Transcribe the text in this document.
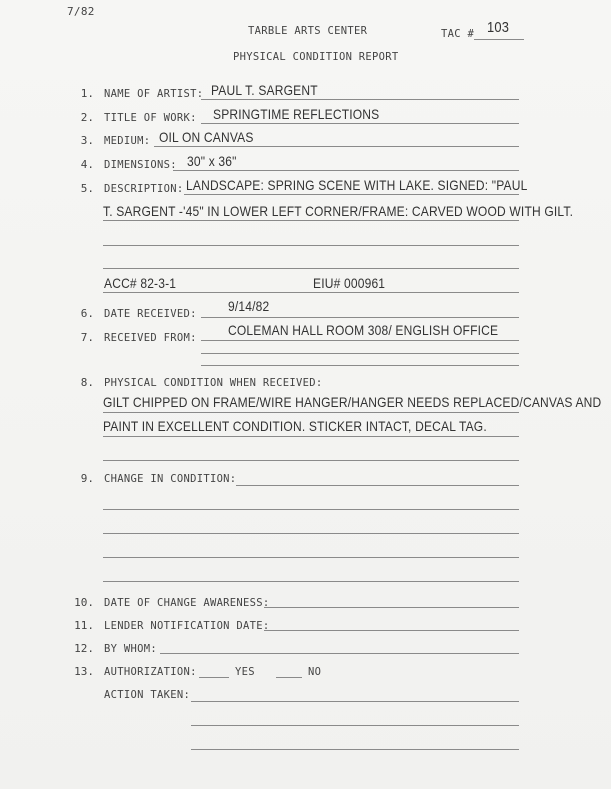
7/82
TARBLE ARTS CENTER	TAC # 103
PHYSICAL CONDITION REPORT
1. NAME OF ARTIST: PAUL T. SARGENT
2. TITLE OF WORK: SPRINGTIME REFLECTIONS
3. MEDIUM: OIL ON CANVAS
4. DIMENSIONS: 30" x 36"
5. DESCRIPTION: LANDSCAPE: SPRING SCENE WITH LAKE. SIGNED: "PAUL
T. SARGENT -'45" IN LOWER LEFT CORNER/FRAME: CARVED WOOD WITH GILT.
ACC# 82-3-1	EIU# 000961
6. DATE RECEIVED: 9/14/82
7. RECEIVED FROM: COLEMAN HALL ROOM 308/ ENGLISH OFFICE
8. PHYSICAL CONDITION WHEN RECEIVED:
GILT CHIPPED ON FRAME/WIRE HANGER/HANGER NEEDS REPLACED/CANVAS AND
PAINT IN EXCELLENT CONDITION. STICKER INTACT, DECAL TAG.
9. CHANGE IN CONDITION:
10. DATE OF CHANGE AWARENESS:
11. LENDER NOTIFICATION DATE:
12. BY WHOM:
13. AUTHORIZATION:	YES	NO
ACTION TAKEN:
